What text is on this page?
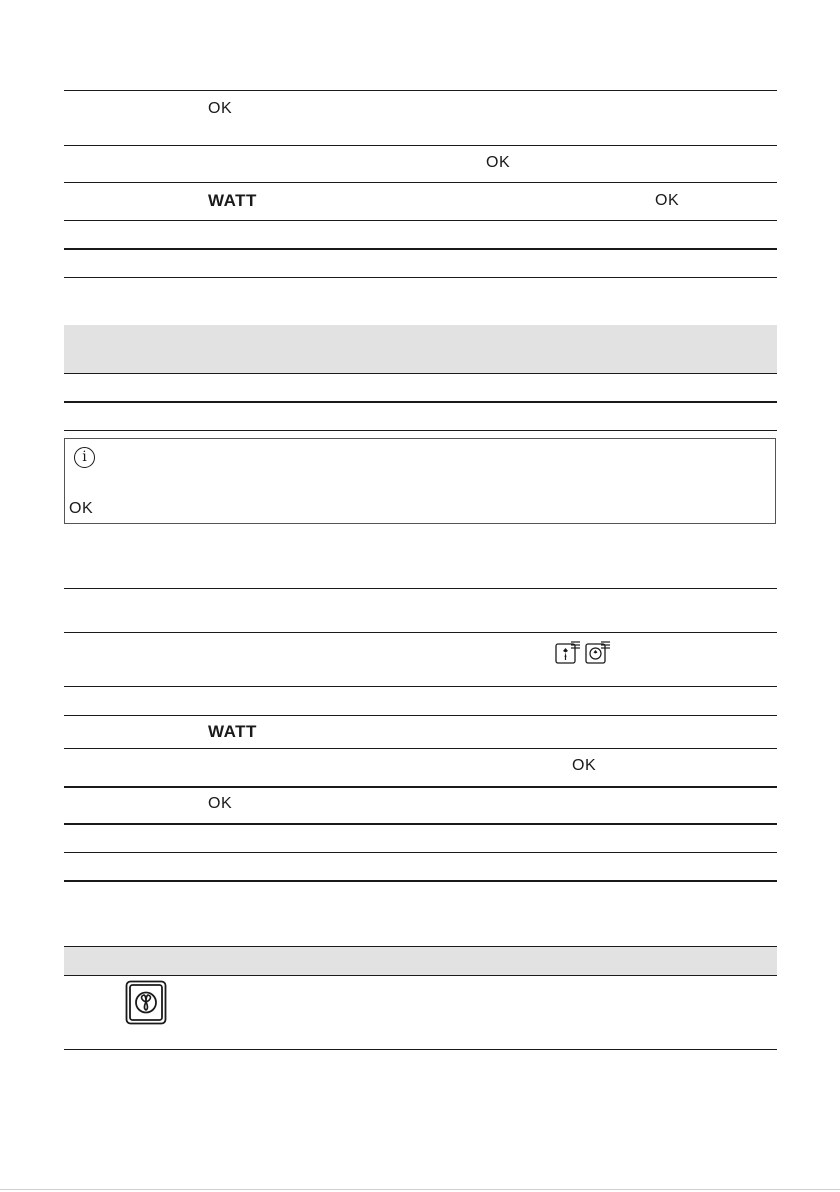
OK
OK
WATT	OK
i
OK
WATT
OK
OK
